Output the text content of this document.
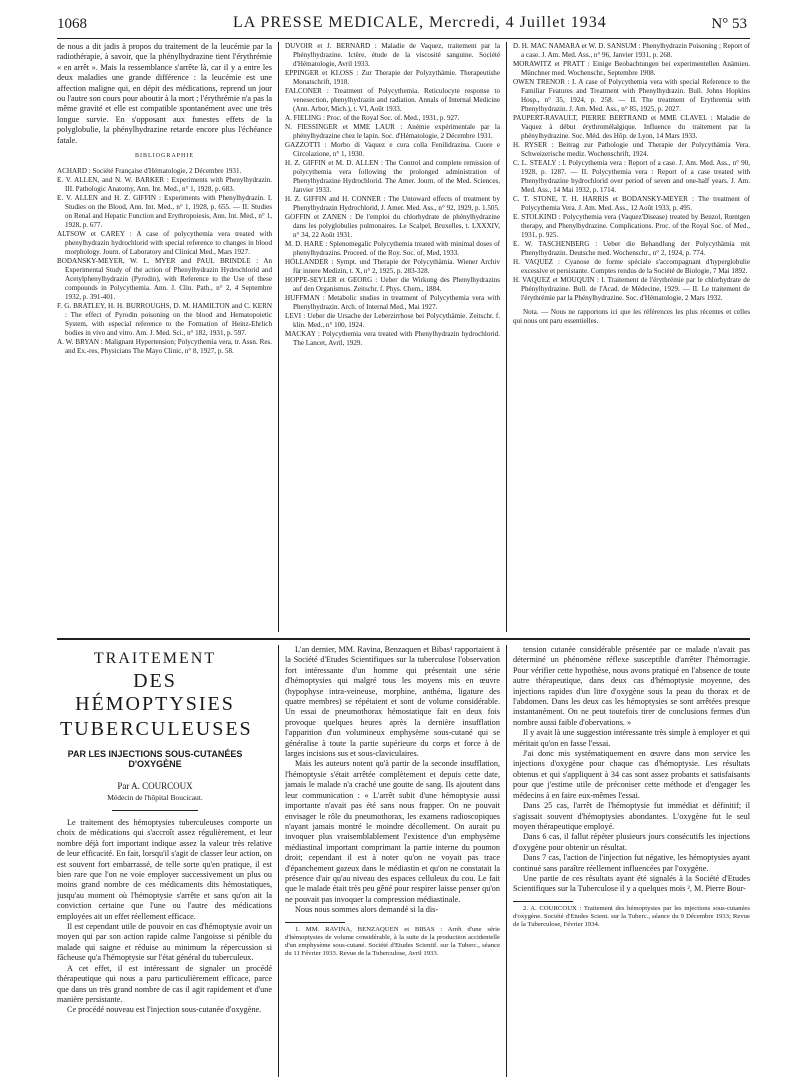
1068	LA PRESSE MEDICALE, Mercredi, 4 Juillet 1934	N° 53

de nous a dit jadis à propos du traitement de la leucémie par la radiothérapie, à savoir, que la phénylhydrazine tient l'érythrémie « en arrêt ». Mais la ressemblance s'arrête là, car il y a entre les deux maladies une grande différence : la leucémie est une affection maligne qui, en dépit des médications, reprend un jour ou l'autre son cours pour aboutir à la mort ; l'érythrémie n'a pas la même gravité et elle est compatible spontanément avec une très longue survie. En s'opposant aux funestes effets de la polyglobulie, la phénylhydrazine retarde encore plus l'échéance fatale.

BIBLIOGRAPHIE

ACHARD : Société Française d'Hématologie, 2 Décembre 1931.

E. V. ALLEN, and N. W. BARKER : Experiments with Phenylhydrazin. III. Pathologic Anatomy, Ann. Int. Med., n° 1, 1928, p. 683.

E. V. ALLEN and H. Z. GIFFIN : Experiments with Phenylhydrazin. I. Studies on the Blood, Ann. Int. Med., n° 1, 1928, p. 655. — II. Studies on Renal and Hepatic Function and Erythropoiesis, Ann. Int. Med., n° 1, 1928, p. 677.

ALTSOW et CAREY : A case of polycythemia vera treated with phenylhydrazin hydrochlorid with special reference to changes in blood morphology. Journ. of Laboratory and Clinical Med., Mars 1927.

BODANSKY-MEYER, W. L. MYER and PAUL BRINDLE : An Experimental Study of the action of Phenylhydrazin Hydrochlorid and Acetylphenylhydrazin (Pyrodin), with Reference to the Use of these compounds in Polycythemia. Ann. J. Clin. Path., n° 2, 4 Septembre 1932, p. 391-401.

F. G. BRATLEY, H. H. BURROUGHS, D. M. HAMILTON and C. KERN : The effect of Pyrodin poisoning on the blood and Hematopoietic System, with especial reference to the Formation of Heinz-Ehrlich bodies in vivo and vitro. Am. J. Med. Sci., n° 182, 1931, p. 597.

A. W. BRYAN : Malignant Hypertension; Polycythemia vera, tr. Assn. Res. and Ex.-res, Physicians The Mayo Clinic, n° 8, 1927, p. 58.

DUVOIR et J. BERNARD : Maladie de Vaquez, traitement par la Phénylhydrazine. Ictère, étude de la viscosité sanguine. Société d'Hématologie, Avril 1933.

EPPINGER et KLOSS : Zur Therapie der Polyzythämie. Therapeutishe Monatschrift, 1918.

FALCONER : Treatment of Polycythemia. Reticulocyte response to venesection, phenylhydrazin and radiation. Annals of Internal Medicine (Ann. Arbor, Mich.), t. VI, Août 1933.

A. FIELING : Proc. of the Royal Soc. of. Med., 1931, p. 927.

N. FIESSINGER et MME LAUR : Anémie expérimentale par la phénylhydrazine chez le lapin. Soc. d'Hématologie, 2 Décembre 1931.

GAZZOTTI : Morbo di Vaquez e cura colla Fenilidrazina. Cuore e Circolazione, n° 1, 1930.

H. Z. GIFFIN et M. D. ALLEN : The Control and complete remission of polycythemia vera following the prolonged administration of Phenylhydrazine Hydrochlorid. The Amer. Journ. of the Med. Sciences, Janvier 1933.

H. Z. GIFFIN and H. CONNER : The Untoward effects of treatment by Phenylhydrazin Hydrochlorid, J. Amer. Med. Ass., n° 92, 1929, p. 1.505.

GOFFIN et ZANEN : De l'emploi du chlorhydrate de phénylhydrazine dans les polyglobulies pulmonaires. Le Scalpel, Bruxelles, t. LXXXIV, n° 34, 22 Août 1931.

M. D. HARE : Splenomegalic Polycythemia treated with minimal doses of phenylhydrazins. Proceed. of the Roy. Soc. of, Med, 1933.

HÖLLANDER : Sympt. und Therapie der Polycythämia. Wiener Archiv für innere Medizin, t. X, n° 2, 1925, p. 283-328.

HOPPE-SEYLER et GEORG : Ueber die Wirkung des Phenylhydrazins auf den Organismus. Zeitschr. f. Phys. Chem., 1884.

HUFFMAN : Metabolic studies in treatment of Polycythemia vera with Phenylhydrazin. Arch. of Internal Med., Mai 1927.

LEVI : Ueber die Ursache der Leberzirrhose bei Polycythämie. Zeitschr. f. klin. Med., n° 100, 1924.

MACKAY : Polycythemia vera treated with Phenylhydrazin hydrochlorid. The Lancet, Avril, 1929.

D. H. MAC NAMARA et W. D. SANSUM : Phenylhydrazin Poisoning ; Report of a case. J. Am. Med. Ass., n° 96, Janvier 1931, p. 268.

MORAWITZ et PRATT : Einige Beobachtungen bei experimentellen Anämien. Münchner med. Wochenschr., Septembre 1908.

OWEN TRENOR : I. A case of Polycythemia vera with special Reference to the Familiar Features and Treatment with Phenylhydrazin. Bull. Johns Hopkins Hosp., n° 35, 1924, p. 258. — II. The treatment of Erythremia with Phenylhydrazin. J. Am. Med. Ass., n° 85, 1925, p. 2027.

PAUPERT-RAVAULT, PIERRE BERTRAND et MME CLAVEL : Maladie de Vaquez à début érythromélalgique. Influence du traitement par la phénylhydrazine. Soc. Méd. des Hôp. de Lyon, 14 Mars 1933.

H. RYSER : Beitrag zur Pathologie und Therapie der Polycythämia Vera. Schweizerische mediz. Wochenschrift, 1924.

C. L. STEALY : I. Polycythemia vera : Report of a case. J. Am. Med. Ass., n° 90, 1928, p. 1287. — II. Polycythemia vera : Report of a case treated with Phenylhydrazine hydrochlorid over period of seven and one-half years. J. Am. Med. Ass., 14 Mai 1932, p. 1714.

C. T. STONE, T. H. HARRIS et BODANSKY-MEYER : The treatment of Polycythemia Vera. J. Am. Med. Ass., 12 Août 1933, p. 495.

E. STOLKIND : Polycythemia vera (Vaquez'Disease) treated by Benzol, Rœntgen therapy, and Phenylhydrazine. Complications. Proc. of the Royal Soc. of Med., 1931, p. 925.

E. W. TASCHENBERG : Ueber die Behandlung der Polycythämia mit Phenylhydrazin. Deutsche med. Wochenschr., n° 2, 1924, p. 774.

H. VAQUEZ : Cyanose de forme spéciale s'accompagnant d'hyperglobulie excessive et persistante. Comptes rendus de la Société de Biologie, 7 Mai 1892.

H. VAQUEZ et MOUQUIN : I. Traitement de l'érythrémie par le chlorhydrate de Phénylhydrazine. Bull. de l'Acad. de Médecine, 1929. — II. Le traitement de l'érythrémie par la Phénylhydrazine. Soc. d'Hématologie, 2 Mars 1932.

Nota. — Nous ne rapportons ici que les références les plus récentes et celles qui nous ont paru essentielles.

TRAITEMENT
DES HÉMOPTYSIES
TUBERCULEUSES
PAR LES INJECTIONS SOUS-CUTANÉES
D'OXYGÈNE
Par A. COURCOUX
Médecin de l'hôpital Boucicaut.

Le traitement des hémoptysies tuberculeuses comporte un choix de médications qui s'accroît assez régulièrement, et leur nombre déjà fort important indique assez la valeur très relative de leur efficacité. En fait, lorsqu'il s'agit de classer leur action, on est souvent fort embarrassé, de telle sorte qu'en pratique, il est bien rare que l'on ne voie employer successivement un plus ou moins grand nombre de ces médicaments dits hémostatiques, jusqu'au moment où l'hémoptysie s'arrête et sans qu'on ait la conviction certaine que l'une ou l'autre des médications employées ait un effet réellement efficace.

Il est cependant utile de pouvoir en cas d'hémoptysie avoir un moyen qui par son action rapide calme l'angoisse si pénible du malade qui saigne et réduise au minimum la répercussion si fâcheuse qu'a l'hémoptysie sur l'état général du tuberculeux.

A cet effet, il est intéressant de signaler un procédé thérapeutique qui nous a paru particulièrement efficace, parce que dans un très grand nombre de cas il agit rapidement et d'une manière persistante.

Ce procédé nouveau est l'injection sous-cutanée d'oxygène.

L'an dernier, MM. Ravina, Benzaquen et Bibas¹ rapportaient à la Société d'Etudes Scientifiques sur la tuberculose l'observation fort intéressante d'un homme qui présentait une série d'hémoptysies qui malgré tous les moyens mis en œuvre (hypophyse intra-veineuse, morphine, anthéma, ligature des quatre membres) se répétaient et sont de volume considérable. Un essai de pneumothorax hémostatique fait en deux fois provoque quelques heures après la dernière insufflation l'apparition d'un volumineux emphysème sous-cutané qui se généralise à toute la partie supérieure du corps et force à de larges incisions sus et sous-claviculaires.

Mais les auteurs notent qu'à partir de la seconde insufflation, l'hémoptysie s'était arrêtée complètement et depuis cette date, jamais le malade n'a craché une goutte de sang. Ils ajoutent dans leur communication : « L'arrêt subit d'une hémoptysie aussi importante n'avait pas été sans nous frapper. On ne pouvait envisager le rôle du pneumothorax, les examens radioscopiques n'ayant jamais montré le moindre décollement. On aurait pu invoquer plus vraisemblablement l'existence d'un emphysème médiastinal important comprimant la partie interne du poumon droit; cependant il est à noter qu'on ne voyait pas trace d'épanchement gazeux dans le médiastin et qu'on ne constatait la présence d'air qu'au niveau des espaces celluleux du cou. Le fait que le malade était très peu gêné pour respirer laisse penser qu'on ne pouvait pas invoquer la compression médiastinale.

Nous nous sommes alors demandé si la dis-

1. MM. RAVINA, BENZAQUEN et BIBAS : Arrêt d'une série d'hémoptysies de volume considérable, à la suite de la production accidentelle d'un emphysème sous-cutané. Société d'Etudes Scientif. sur la Tuberc., séance du 11 Février 1933. Revue de la Tuberculose, Avril 1933.

tension cutanée considérable présentée par ce malade n'avait pas déterminé un phénomène réflexe susceptible d'arrêter l'hémorragie. Pour vérifier cette hypothèse, nous avons pratiqué en l'absence de toute autre thérapeutique, dans deux cas d'hémoptysie moyenne, des injections rapides d'un litre d'oxygène sous la peau du thorax et de l'abdomen. Dans les deux cas les hémoptysies se sont arrêtées presque instantanément. On ne peut toutefois tirer de conclusions fermes d'un nombre aussi faible d'obervations. »

Il y avait là une suggestion intéressante très simple à employer et qui méritait qu'on en fasse l'essai.

J'ai donc mis systématiquement en œuvre dans mon service les injections d'oxygène pour chaque cas d'hémoptysie. Les résultats obtenus et qui s'appliquent à 34 cas sont assez probants et satisfaisants pour que j'estime utile de préconiser cette méthode et d'engager les médecins à en faire eux-mêmes l'essai.

Dans 25 cas, l'arrêt de l'hémoptysie fut immédiat et définitif; il s'agissait souvent d'hémoptysies abondantes. L'oxygène fut le seul moyen thérapeutique employé.

Dans 6 cas, il fallut répéter plusieurs jours consécutifs les injections d'oxygène pour obtenir un résultat.

Dans 7 cas, l'action de l'injection fut négative, les hémoptysies ayant continué sans paraître réellement influencées par l'oxygène.

Une partie de ces résultats ayant été signalés à la Société d'Etudes Scientifiques sur la Tuberculose il y a quelques mois ², M. Pierre Bour-

2. A. COURCOUX : Traitement des hémoptysies par les injections sous-cutanées d'oxygène. Société d'Etudes Scient. sur la Tuberc., séance du 9 Décembre 1933; Revue de la Tuberculose, Février 1934.
